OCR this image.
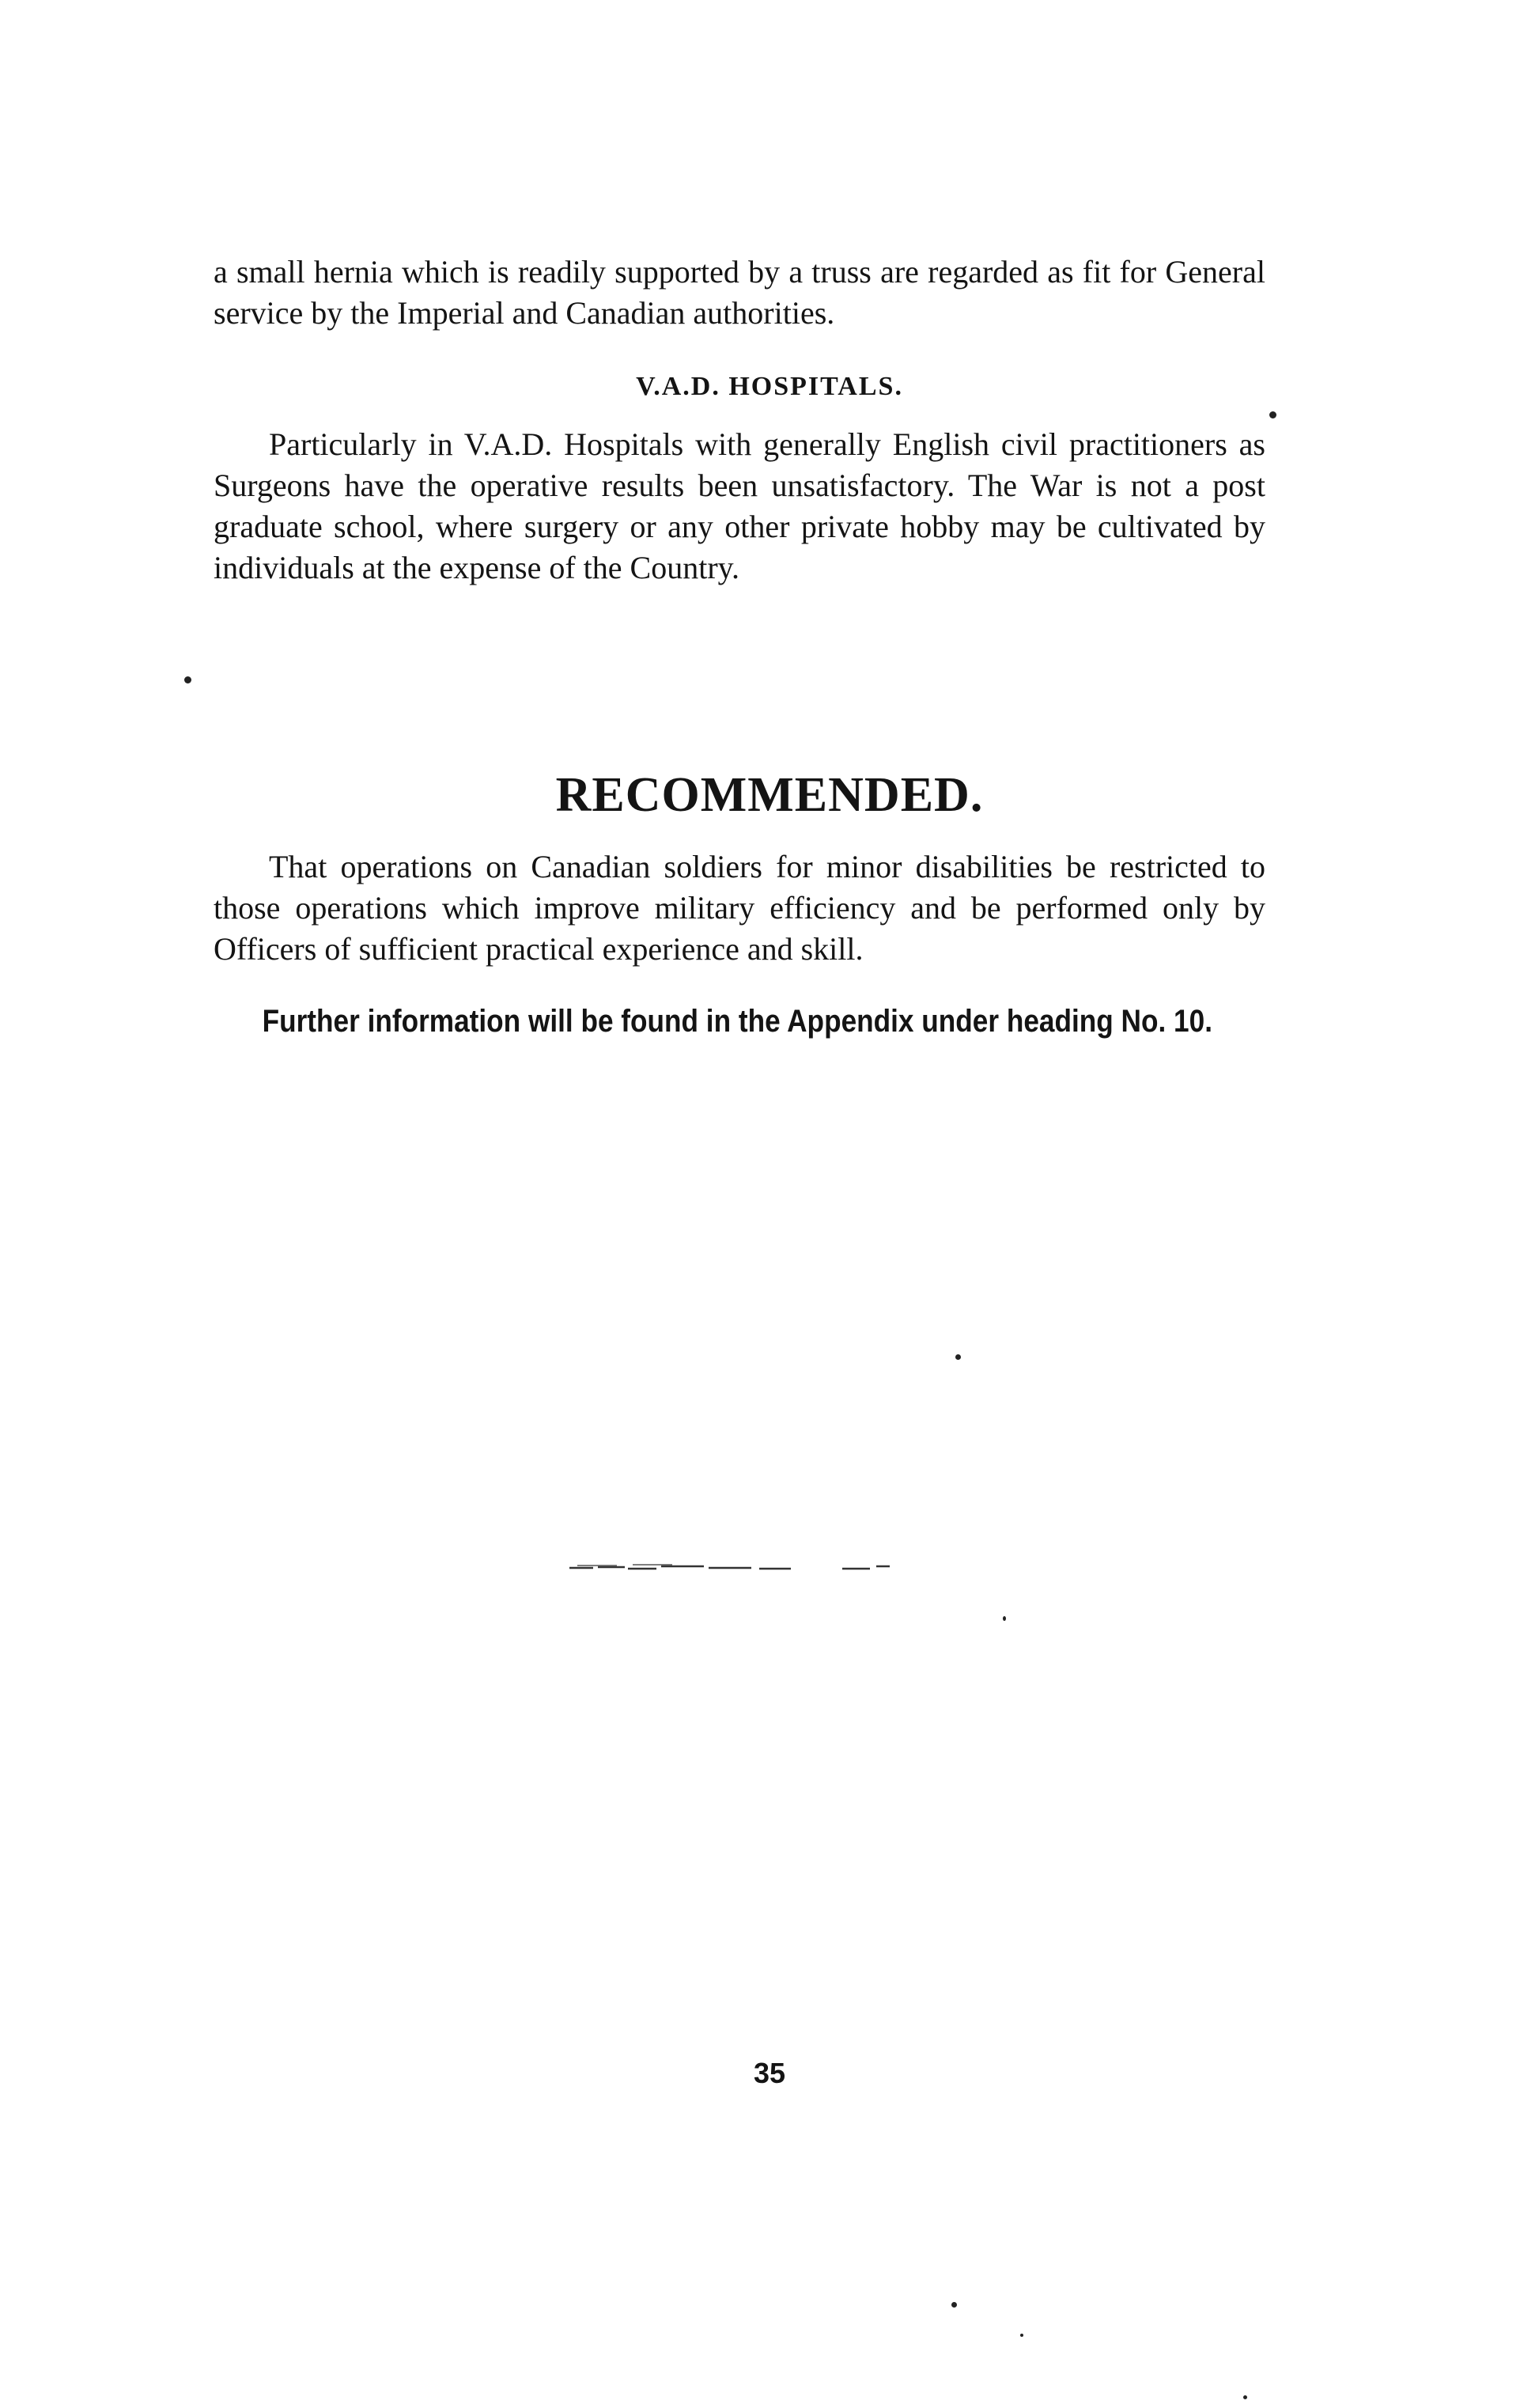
a small hernia which is readily supported by a truss are regarded as fit for General service by the Imperial and Canadian authorities.

V.A.D. HOSPITALS.

Particularly in V.A.D. Hospitals with generally English civil practitioners as Surgeons have the operative results been unsatisfactory. The War is not a post graduate school, where surgery or any other private hobby may be cultivated by individuals at the expense of the Country.

RECOMMENDED.

That operations on Canadian soldiers for minor disabilities be restricted to those operations which improve military efficiency and be performed only by Officers of sufficient practical experience and skill.

Further information will be found in the Appendix under heading No. 10.

35
